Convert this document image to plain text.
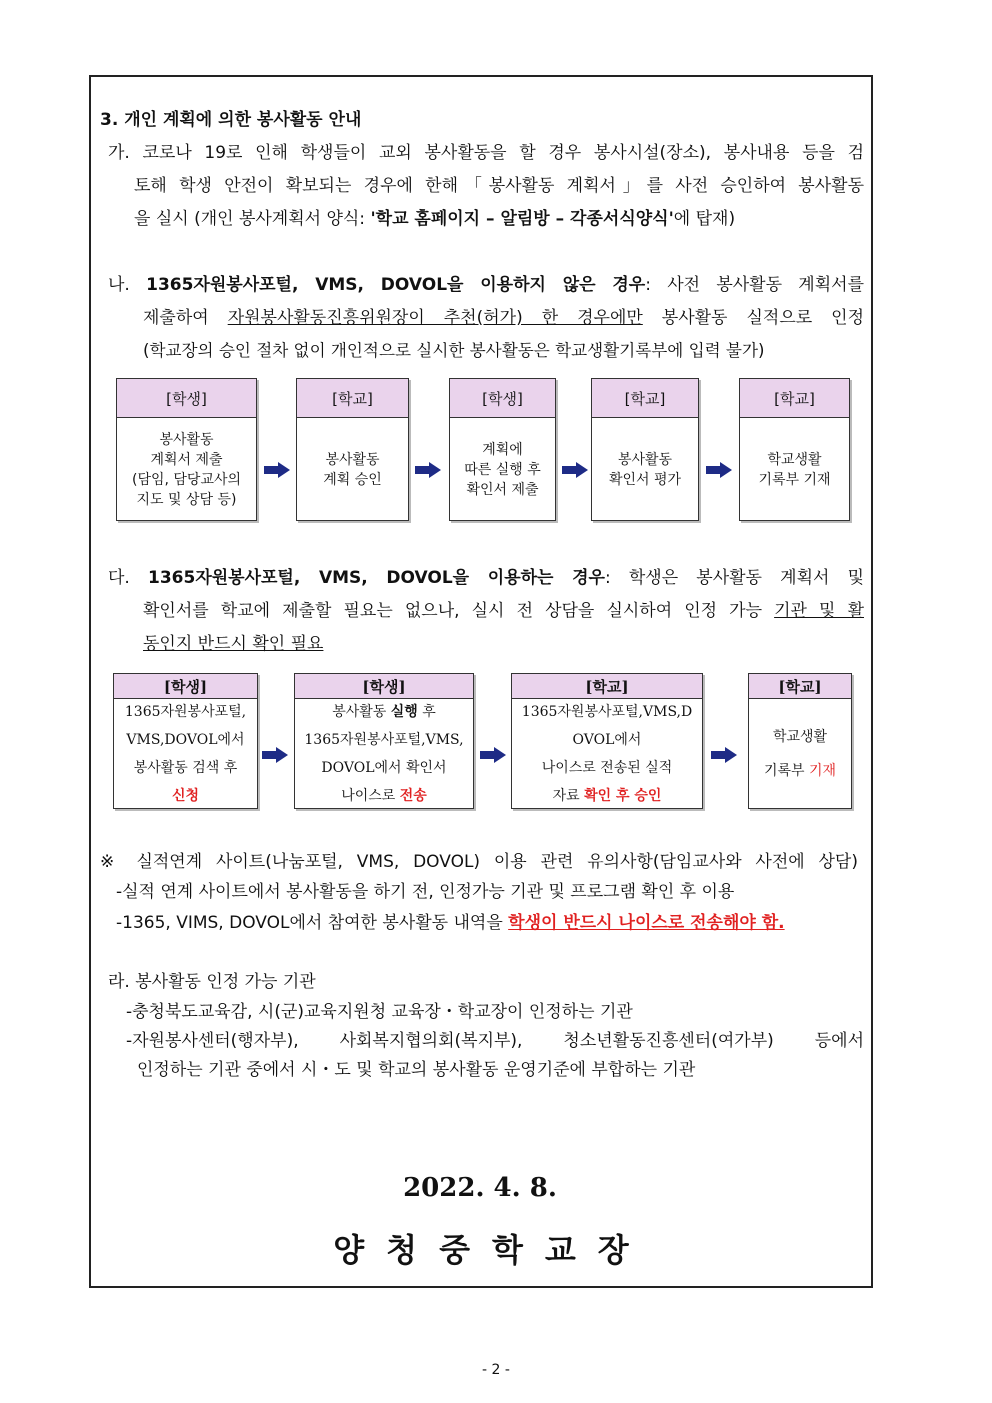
3. 개인 계획에 의한 봉사활동 안내
가. 코로나 19로 인해 학생들이 교외 봉사활동을 할 경우 봉사시설(장소), 봉사내용 등을 검
토해 학생 안전이 확보되는 경우에 한해「봉사활동 계획서」를 사전 승인하여 봉사활동
을 실시 (개인 봉사계획서 양식: '학교 홈페이지 – 알림방 – 각종서식양식'에 탑재)
나. 1365자원봉사포털, VMS, DOVOL을 이용하지 않은 경우: 사전 봉사활동 계획서를
제출하여 자원봉사활동진흥위원장이 추천(허가) 한 경우에만 봉사활동 실적으로 인정
(학교장의 승인 절차 없이 개인적으로 실시한 봉사활동은 학교생활기록부에 입력 불가)
[학생]
봉사활동
계획서 제출
(담임, 담당교사의
지도 및 상담 등)
[학교]
봉사활동
계획 승인
[학생]
계획에
따른 실행 후
확인서 제출
[학교]
봉사활동
확인서 평가
[학교]
학교생활
기록부 기재
다. 1365자원봉사포털, VMS, DOVOL을 이용하는 경우: 학생은 봉사활동 계획서 및
확인서를 학교에 제출할 필요는 없으나, 실시 전 상담을 실시하여 인정 가능 기관 및 활
동인지 반드시 확인 필요
[학생]
1365자원봉사포털,
VMS,DOVOL에서
봉사활동 검색 후
신청
[학생]
봉사활동 실행 후
1365자원봉사포털,VMS,
DOVOL에서 확인서
나이스로 전송
[학교]
1365자원봉사포털,VMS,D
OVOL에서
나이스로 전송된 실적
자료 확인 후 승인
[학교]
학교생활
기록부 기재
※ 실적연계 사이트(나눔포털, VMS, DOVOL) 이용 관련 유의사항(담임교사와 사전에 상담)
-실적 연계 사이트에서 봉사활동을 하기 전, 인정가능 기관 및 프로그램 확인 후 이용
-1365, VIMS, DOVOL에서 참여한 봉사활동 내역을 학생이 반드시 나이스로 전송해야 함.
라. 봉사활동 인정 가능 기관
-충청북도교육감, 시(군)교육지원청 교육장・학교장이 인정하는 기관
-자원봉사센터(행자부), 사회복지협의회(복지부), 청소년활동진흥센터(여가부) 등에서
인정하는 기관 중에서 시・도 및 학교의 봉사활동 운영기준에 부합하는 기관
2022. 4. 8.
양청중학교장
- 2 -
